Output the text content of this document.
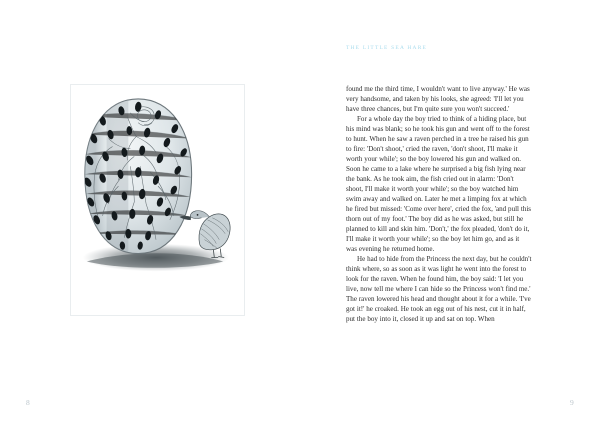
8
THE LITTLE SEA HARE

found me the third time, I wouldn't want to live anyway.' He was very handsome, and taken by his looks, she agreed: 'I'll let you have three chances, but I'm quite sure you won't succeed.'

For a whole day the boy tried to think of a hiding place, but his mind was blank; so he took his gun and went off to the forest to hunt. When he saw a raven perched in a tree he raised his gun to fire: 'Don't shoot,' cried the raven, 'don't shoot, I'll make it worth your while'; so the boy lowered his gun and walked on. Soon he came to a lake where he surprised a big fish lying near the bank. As he took aim, the fish cried out in alarm: 'Don't shoot, I'll make it worth your while'; so the boy watched him swim away and walked on. Later he met a limping fox at which he fired but missed: 'Come over here', cried the fox, 'and pull this thorn out of my foot.' The boy did as he was asked, but still he planned to kill and skin him. 'Don't,' the fox pleaded, 'don't do it, I'll make it worth your while'; so the boy let him go, and as it was evening he returned home.

He had to hide from the Princess the next day, but he couldn't think where, so as soon as it was light he went into the forest to look for the raven. When he found him, the boy said: 'I let you live, now tell me where I can hide so the Princess won't find me.' The raven lowered his head and thought about it for a while. 'I've got it!' he croaked. He took an egg out of his nest, cut it in half, put the boy into it, closed it up and sat on top. When

9
